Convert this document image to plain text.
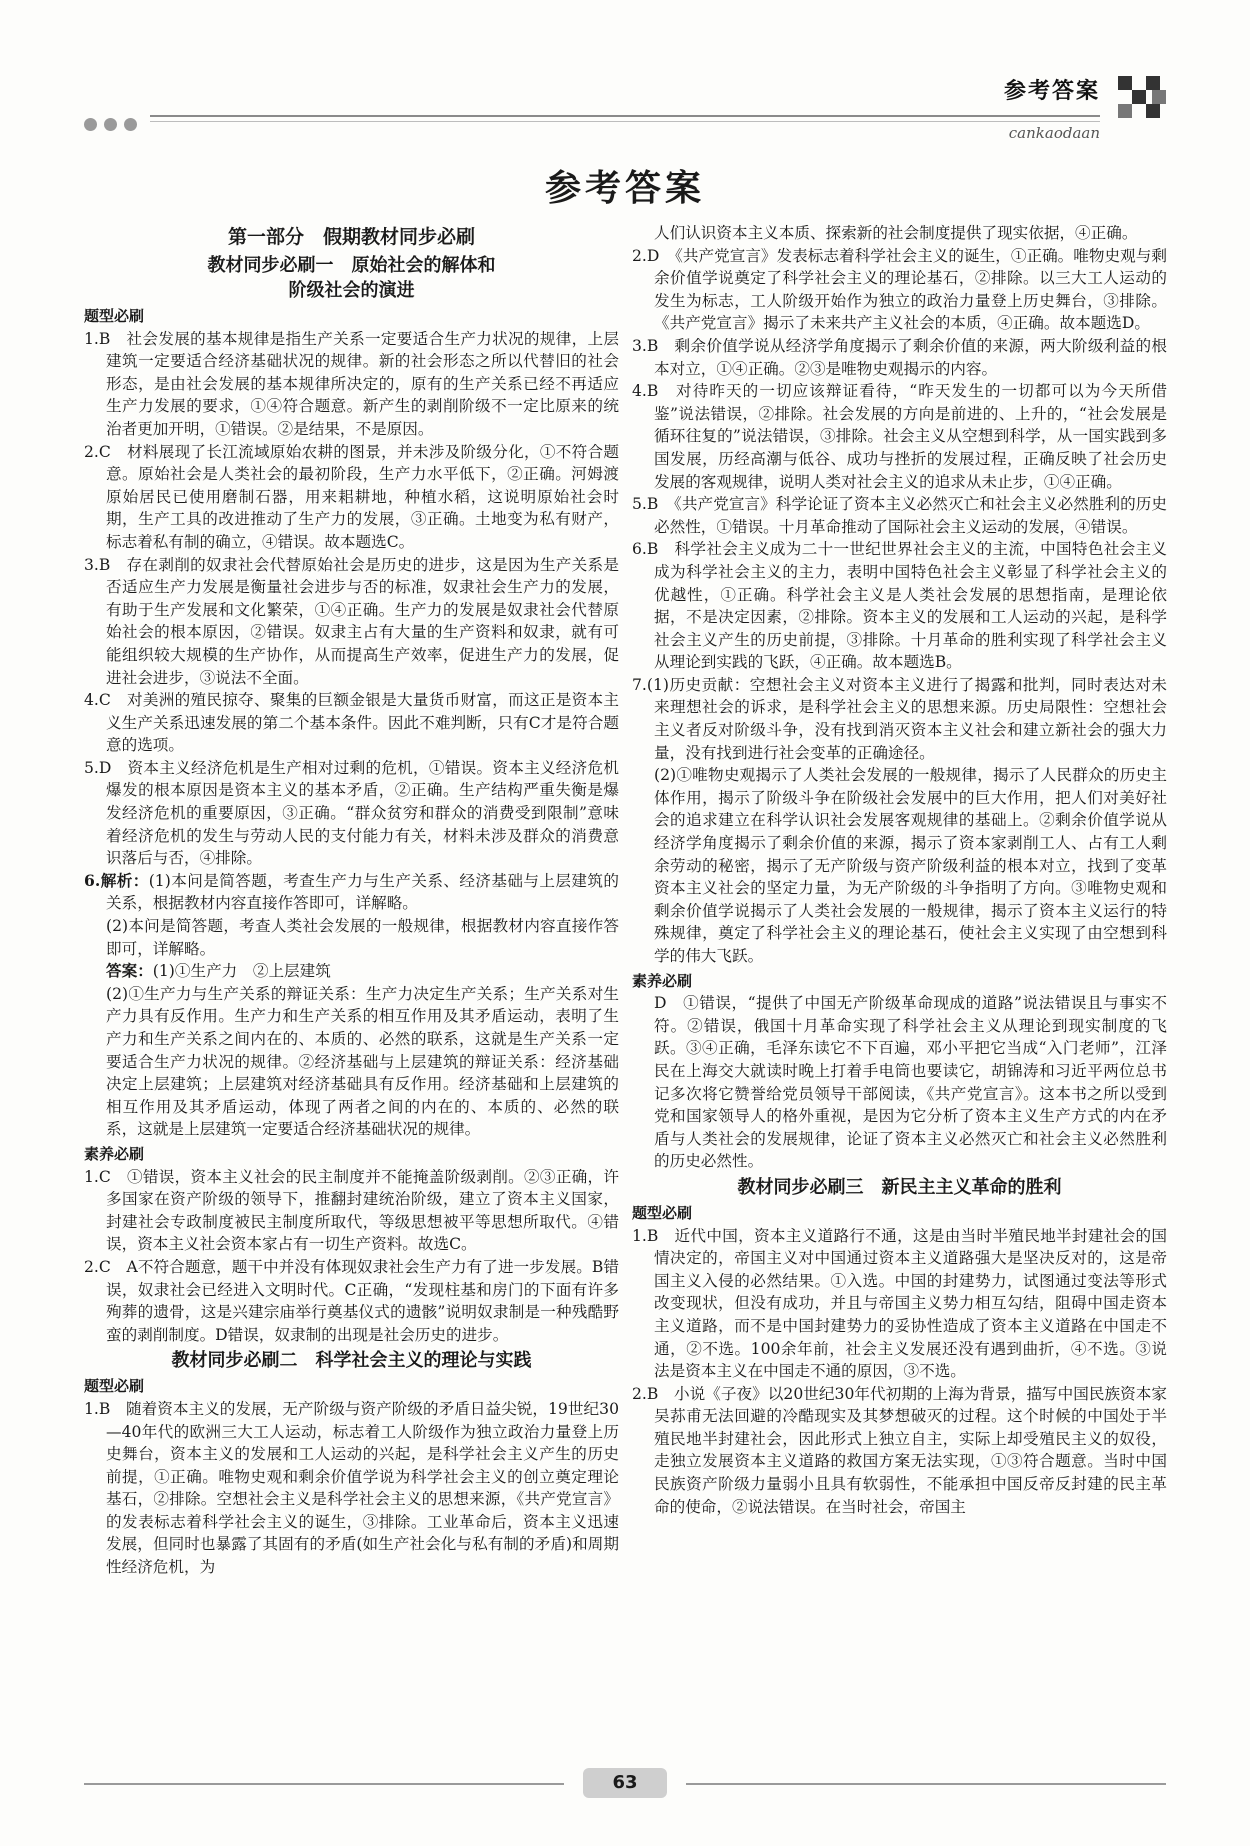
参考答案
cankaodaan
参考答案
第一部分　假期教材同步必刷
教材同步必刷一　原始社会的解体和
阶级社会的演进
题型必刷

1.B　社会发展的基本规律是指生产关系一定要适合生产力状况的规律，上层建筑一定要适合经济基础状况的规律。新的社会形态之所以代替旧的社会形态，是由社会发展的基本规律所决定的，原有的生产关系已经不再适应生产力发展的要求，①④符合题意。新产生的剥削阶级不一定比原来的统治者更加开明，①错误。②是结果，不是原因。

2.C　材料展现了长江流域原始农耕的图景，并未涉及阶级分化，①不符合题意。原始社会是人类社会的最初阶段，生产力水平低下，②正确。河姆渡原始居民已使用磨制石器，用来耜耕地，种植水稻，这说明原始社会时期，生产工具的改进推动了生产力的发展，③正确。土地变为私有财产，标志着私有制的确立，④错误。故本题选C。

3.B　存在剥削的奴隶社会代替原始社会是历史的进步，这是因为生产关系是否适应生产力发展是衡量社会进步与否的标准，奴隶社会生产力的发展，有助于生产发展和文化繁荣，①④正确。生产力的发展是奴隶社会代替原始社会的根本原因，②错误。奴隶主占有大量的生产资料和奴隶，就有可能组织较大规模的生产协作，从而提高生产效率，促进生产力的发展，促进社会进步，③说法不全面。

4.C　对美洲的殖民掠夺、聚集的巨额金银是大量货币财富，而这正是资本主义生产关系迅速发展的第二个基本条件。因此不难判断，只有C才是符合题意的选项。

5.D　资本主义经济危机是生产相对过剩的危机，①错误。资本主义经济危机爆发的根本原因是资本主义的基本矛盾，②正确。生产结构严重失衡是爆发经济危机的重要原因，③正确。“群众贫穷和群众的消费受到限制”意味着经济危机的发生与劳动人民的支付能力有关，材料未涉及群众的消费意识落后与否，④排除。

6.解析：(1)本问是简答题，考查生产力与生产关系、经济基础与上层建筑的关系，根据教材内容直接作答即可，详解略。

(2)本问是简答题，考查人类社会发展的一般规律，根据教材内容直接作答即可，详解略。

答案：(1)①生产力　②上层建筑

(2)①生产力与生产关系的辩证关系：生产力决定生产关系；生产关系对生产力具有反作用。生产力和生产关系的相互作用及其矛盾运动，表明了生产力和生产关系之间内在的、本质的、必然的联系，这就是生产关系一定要适合生产力状况的规律。②经济基础与上层建筑的辩证关系：经济基础决定上层建筑；上层建筑对经济基础具有反作用。经济基础和上层建筑的相互作用及其矛盾运动，体现了两者之间的内在的、本质的、必然的联系，这就是上层建筑一定要适合经济基础状况的规律。

素养必刷

1.C　①错误，资本主义社会的民主制度并不能掩盖阶级剥削。②③正确，许多国家在资产阶级的领导下，推翻封建统治阶级，建立了资本主义国家，封建社会专政制度被民主制度所取代，等级思想被平等思想所取代。④错误，资本主义社会资本家占有一切生产资料。故选C。

2.C　A不符合题意，题干中并没有体现奴隶社会生产力有了进一步发展。B错误，奴隶社会已经进入文明时代。C正确，“发现柱基和房门的下面有许多殉葬的遗骨，这是兴建宗庙举行奠基仪式的遗骸”说明奴隶制是一种残酷野蛮的剥削制度。D错误，奴隶制的出现是社会历史的进步。

教材同步必刷二　科学社会主义的理论与实践
题型必刷

1.B　随着资本主义的发展，无产阶级与资产阶级的矛盾日益尖锐，19世纪30—40年代的欧洲三大工人运动，标志着工人阶级作为独立政治力量登上历史舞台，资本主义的发展和工人运动的兴起，是科学社会主义产生的历史前提，①正确。唯物史观和剩余价值学说为科学社会主义的创立奠定理论基石，②排除。空想社会主义是科学社会主义的思想来源，《共产党宣言》的发表标志着科学社会主义的诞生，③排除。工业革命后，资本主义迅速发展，但同时也暴露了其固有的矛盾(如生产社会化与私有制的矛盾)和周期性经济危机，为

人们认识资本主义本质、探索新的社会制度提供了现实依据，④正确。

2.D　《共产党宣言》发表标志着科学社会主义的诞生，①正确。唯物史观与剩余价值学说奠定了科学社会主义的理论基石，②排除。以三大工人运动的发生为标志，工人阶级开始作为独立的政治力量登上历史舞台，③排除。《共产党宣言》揭示了未来共产主义社会的本质，④正确。故本题选D。

3.B　剩余价值学说从经济学角度揭示了剩余价值的来源，两大阶级利益的根本对立，①④正确。②③是唯物史观揭示的内容。

4.B　对待昨天的一切应该辩证看待，“昨天发生的一切都可以为今天所借鉴”说法错误，②排除。社会发展的方向是前进的、上升的，“社会发展是循环往复的”说法错误，③排除。社会主义从空想到科学，从一国实践到多国发展，历经高潮与低谷、成功与挫折的发展过程，正确反映了社会历史发展的客观规律，说明人类对社会主义的追求从未止步，①④正确。

5.B　《共产党宣言》科学论证了资本主义必然灭亡和社会主义必然胜利的历史必然性，①错误。十月革命推动了国际社会主义运动的发展，④错误。

6.B　科学社会主义成为二十一世纪世界社会主义的主流，中国特色社会主义成为科学社会主义的主力，表明中国特色社会主义彰显了科学社会主义的优越性，①正确。科学社会主义是人类社会发展的思想指南，是理论依据，不是决定因素，②排除。资本主义的发展和工人运动的兴起，是科学社会主义产生的历史前提，③排除。十月革命的胜利实现了科学社会主义从理论到实践的飞跃，④正确。故本题选B。

7.(1)历史贡献：空想社会主义对资本主义进行了揭露和批判，同时表达对未来理想社会的诉求，是科学社会主义的思想来源。历史局限性：空想社会主义者反对阶级斗争，没有找到消灭资本主义社会和建立新社会的强大力量，没有找到进行社会变革的正确途径。

(2)①唯物史观揭示了人类社会发展的一般规律，揭示了人民群众的历史主体作用，揭示了阶级斗争在阶级社会发展中的巨大作用，把人们对美好社会的追求建立在科学认识社会发展客观规律的基础上。②剩余价值学说从经济学角度揭示了剩余价值的来源，揭示了资本家剥削工人、占有工人剩余劳动的秘密，揭示了无产阶级与资产阶级利益的根本对立，找到了变革资本主义社会的坚定力量，为无产阶级的斗争指明了方向。③唯物史观和剩余价值学说揭示了人类社会发展的一般规律，揭示了资本主义运行的特殊规律，奠定了科学社会主义的理论基石，使社会主义实现了由空想到科学的伟大飞跃。

素养必刷

D　①错误，“提供了中国无产阶级革命现成的道路”说法错误且与事实不符。②错误，俄国十月革命实现了科学社会主义从理论到现实制度的飞跃。③④正确，毛泽东读它不下百遍，邓小平把它当成“入门老师”，江泽民在上海交大就读时晚上打着手电筒也要读它，胡锦涛和习近平两位总书记多次将它赞誉给党员领导干部阅读，《共产党宣言》。这本书之所以受到党和国家领导人的格外重视，是因为它分析了资本主义生产方式的内在矛盾与人类社会的发展规律，论证了资本主义必然灭亡和社会主义必然胜利的历史必然性。

教材同步必刷三　新民主主义革命的胜利
题型必刷

1.B　近代中国，资本主义道路行不通，这是由当时半殖民地半封建社会的国情决定的，帝国主义对中国通过资本主义道路强大是坚决反对的，这是帝国主义入侵的必然结果。①入选。中国的封建势力，试图通过变法等形式改变现状，但没有成功，并且与帝国主义势力相互勾结，阻碍中国走资本主义道路，而不是中国封建势力的妥协性造成了资本主义道路在中国走不通，②不选。100余年前，社会主义发展还没有遇到曲折，④不选。③说法是资本主义在中国走不通的原因，③不选。

2.B　小说《子夜》以20世纪30年代初期的上海为背景，描写中国民族资本家吴荪甫无法回避的冷酷现实及其梦想破灭的过程。这个时候的中国处于半殖民地半封建社会，因此形式上独立自主，实际上却受殖民主义的奴役，走独立发展资本主义道路的救国方案无法实现，①③符合题意。当时中国民族资产阶级力量弱小且具有软弱性，不能承担中国反帝反封建的民主革命的使命，②说法错误。在当时社会，帝国主

63
